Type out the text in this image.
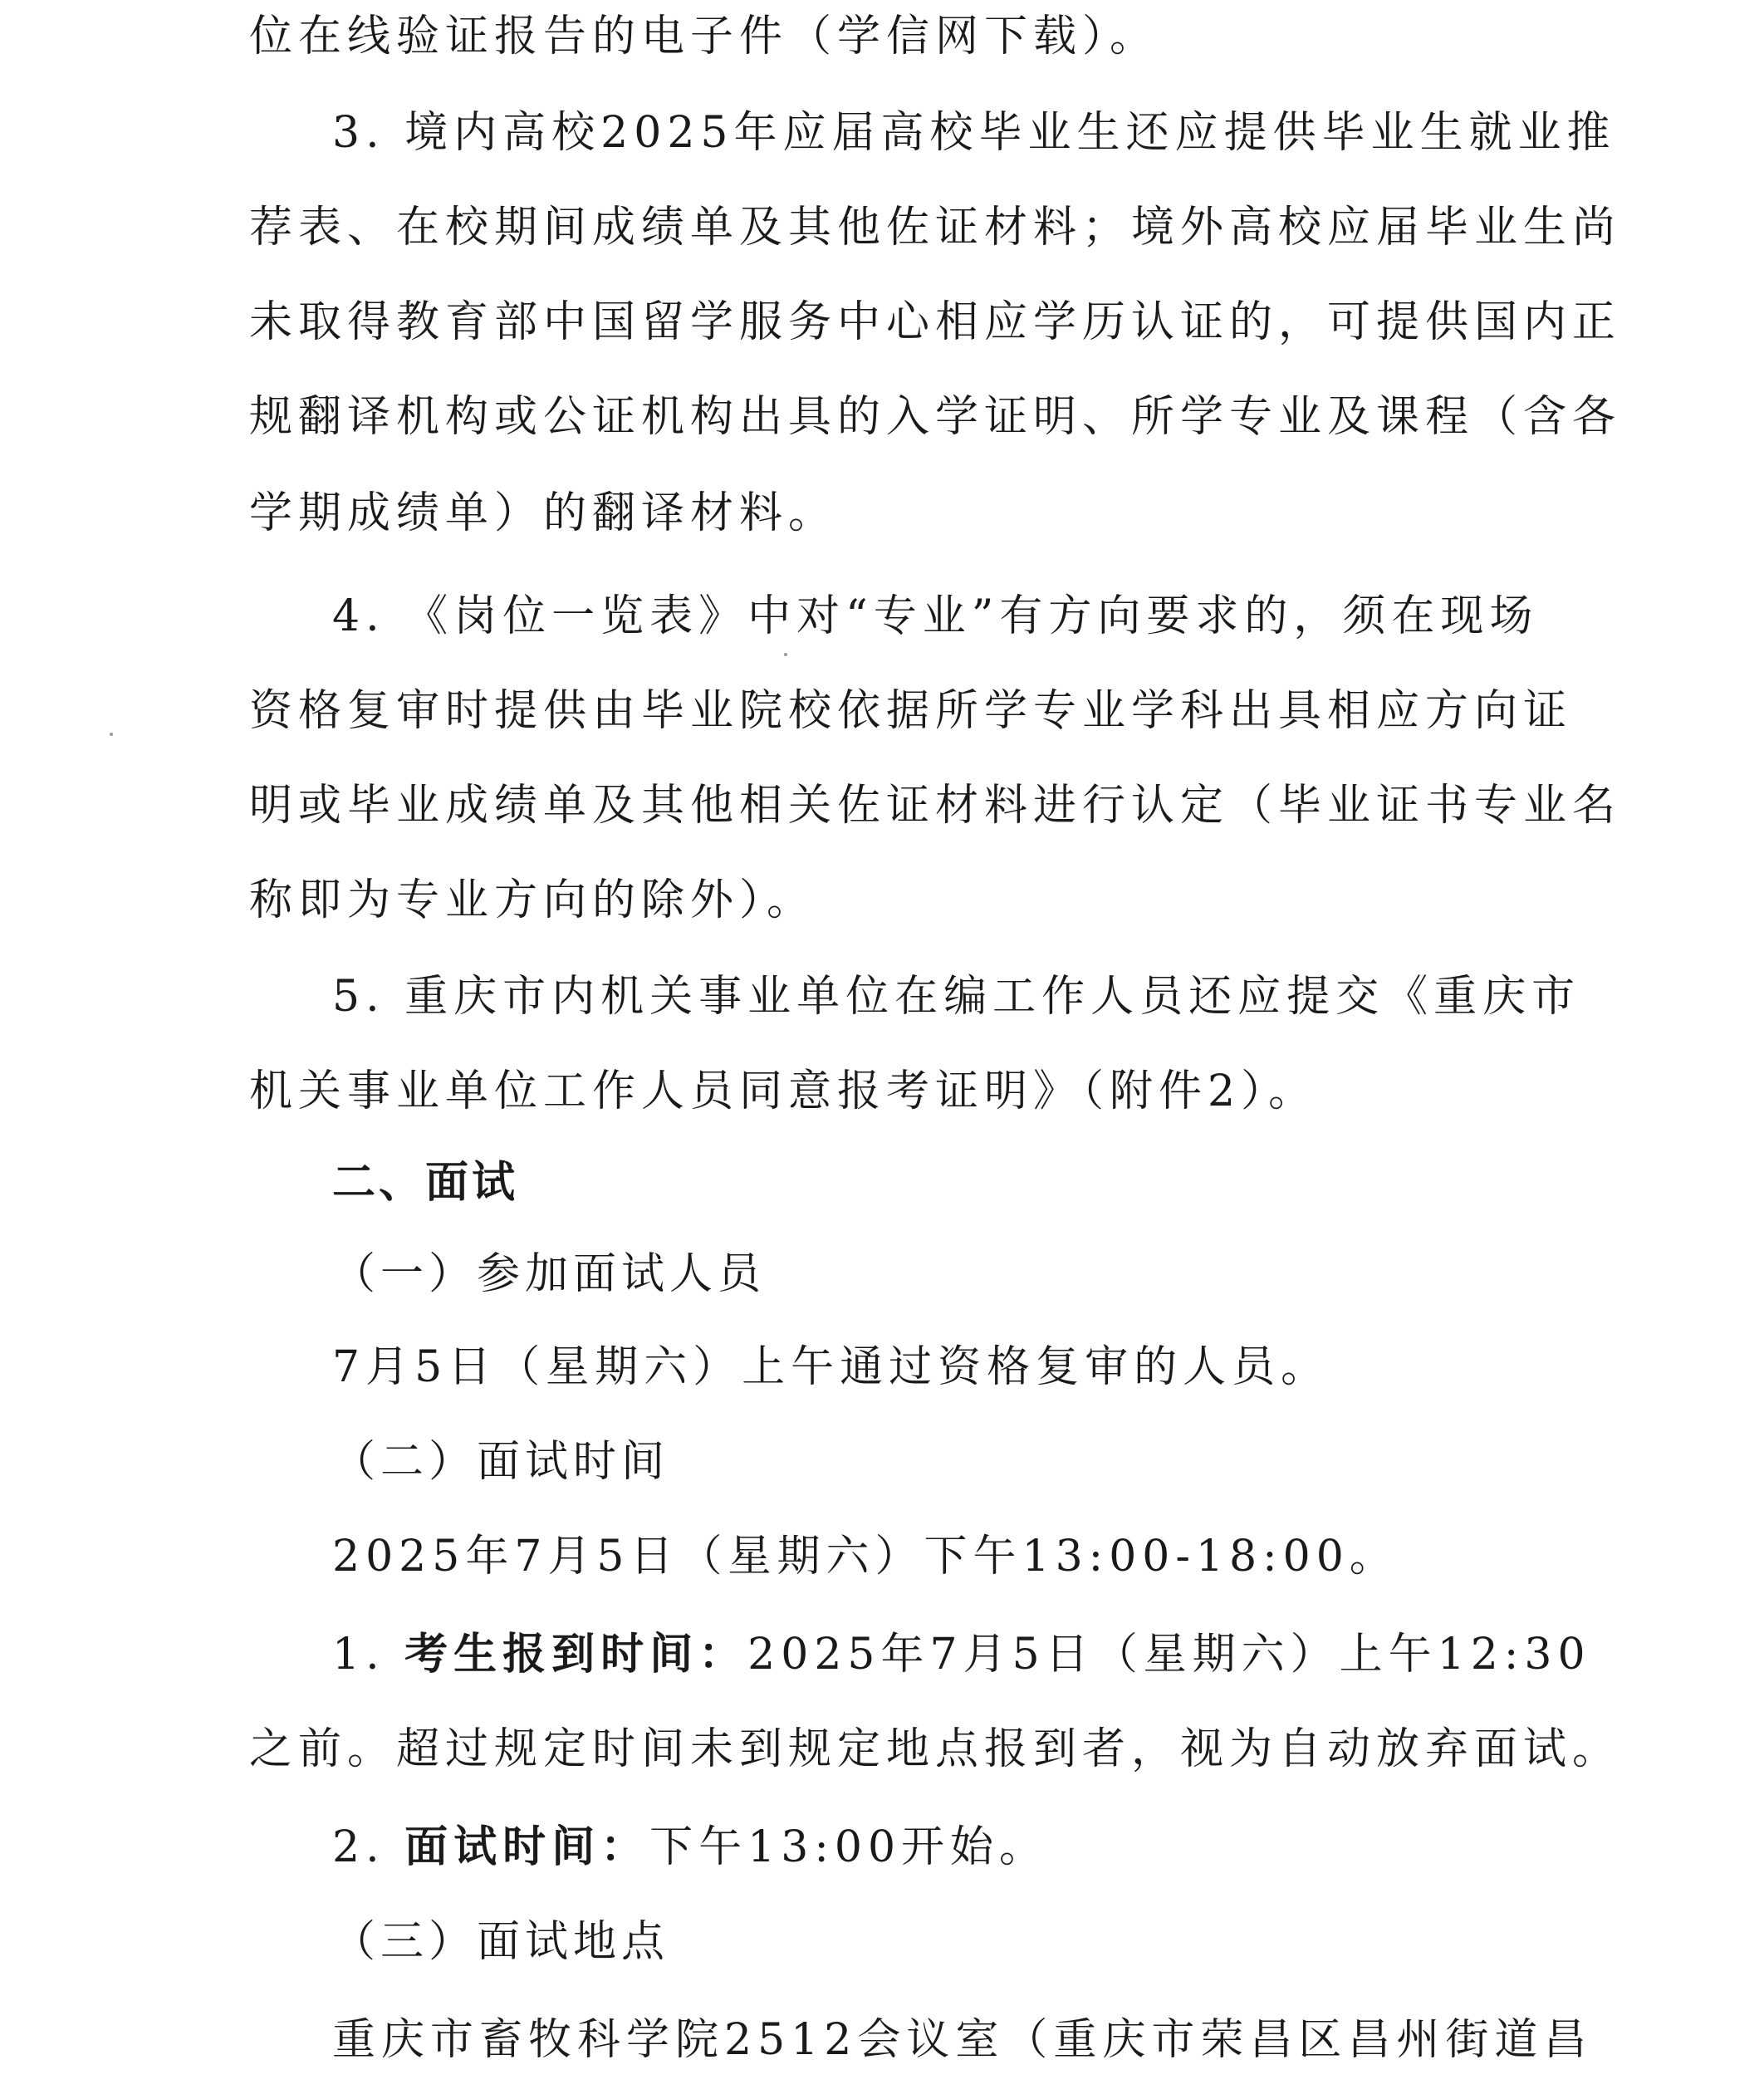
位在线验证报告的电子件（学信网下载）。
3. 境内高校2025年应届高校毕业生还应提供毕业生就业推
荐表、在校期间成绩单及其他佐证材料；境外高校应届毕业生尚
未取得教育部中国留学服务中心相应学历认证的，可提供国内正
规翻译机构或公证机构出具的入学证明、所学专业及课程（含各
学期成绩单）的翻译材料。
4. 《岗位一览表》中对“专业”有方向要求的，须在现场
资格复审时提供由毕业院校依据所学专业学科出具相应方向证
明或毕业成绩单及其他相关佐证材料进行认定（毕业证书专业名
称即为专业方向的除外）。
5. 重庆市内机关事业单位在编工作人员还应提交《重庆市
机关事业单位工作人员同意报考证明》（附件2）。
二、面试
（一）参加面试人员
7月5日（星期六）上午通过资格复审的人员。
（二）面试时间
2025年7月5日（星期六）下午13:00-18:00。
1. 考生报到时间：2025年7月5日（星期六）上午12:30
之前。超过规定时间未到规定地点报到者，视为自动放弃面试。
2. 面试时间：下午13:00开始。
（三）面试地点
重庆市畜牧科学院2512会议室（重庆市荣昌区昌州街道昌
